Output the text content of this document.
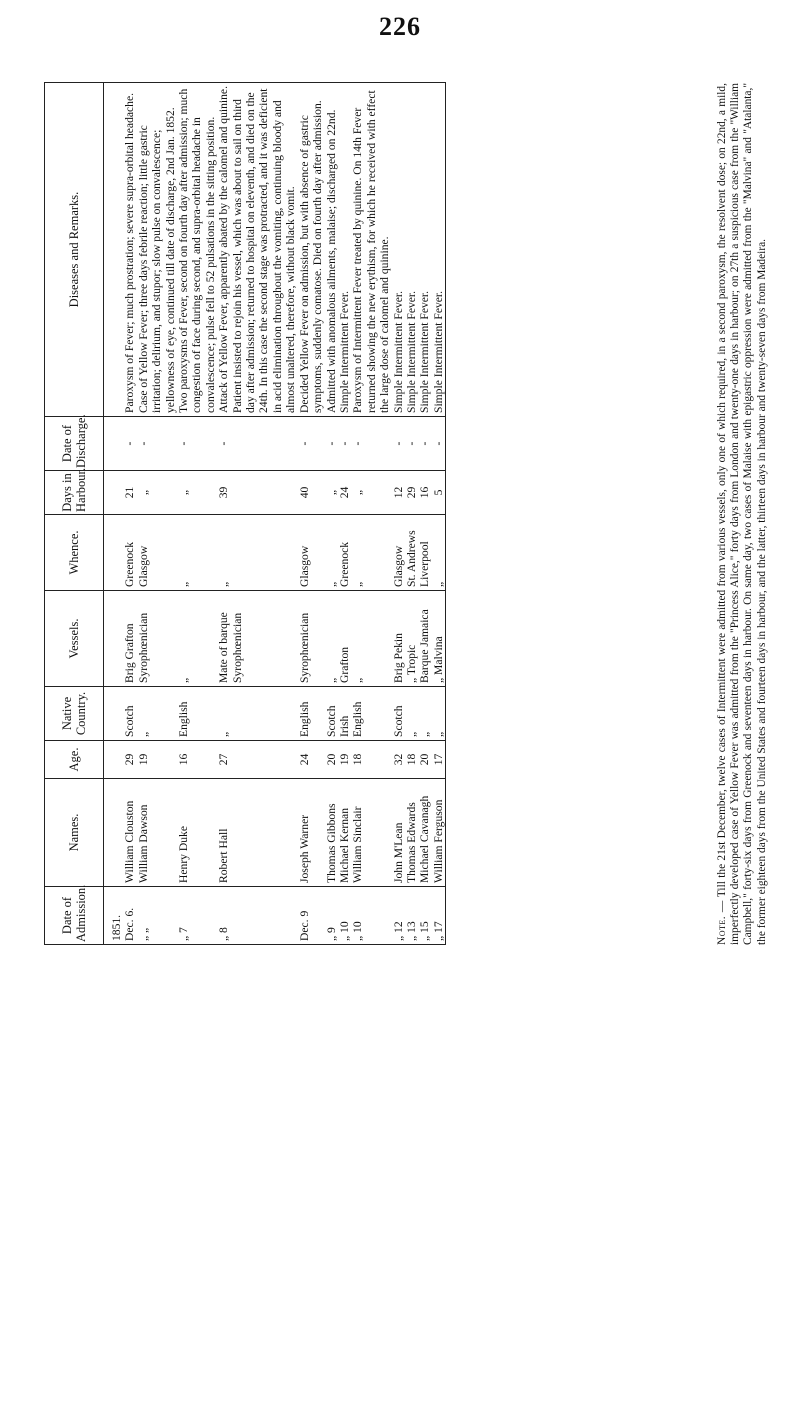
226
Date of Admission.	Names.	Age.	Native Country.	Vessels.	Whence.	Days in Harbour.	Date of Discharge.	Diseases and Remarks.
1851.								
Dec. 6.	William Clouston	29	Scotch	Brig Grafton	Greenock	21	-	Paroxysm of Fever; much prostration; severe supra-orbital headache.
„ „	William Dawson	19	„	Syrophœnician	Glasgow	„	-	Case of Yellow Fever; three days febrile reaction; little gastric irritation; delirium, and stupor; slow pulse on convalescence; yellowness of eye, continued till date of discharge, 2nd Jan. 1852.
„ 7	Henry Duke	16	English	„	„	„	-	Two paroxysms of Fever, second on fourth day after admission; much congestion of face during second, and supra-orbital headache in convalescence; pulse fell to 52 pulsations in the sitting position.
„ 8	Robert Hall	27	„	Mate of barque Syrophœnician	„	39	-	Attack of Yellow Fever, apparently abated by the calomel and quinine. Patient insisted to rejoin his vessel, which was about to sail on third day after admission; returned to hospital on eleventh, and died on the 24th. In this case the second stage was protracted, and it was deficient in acid elimination throughout the vomiting, continuing bloody and almost unaltered, therefore, without black vomit.
Dec. 9	Joseph Warner	24	English	Syrophœnician	Glasgow	40	-	Decided Yellow Fever on admission, but with absence of gastric symptoms, suddenly comatose. Died on fourth day after admission.
„ 9	Thomas Gibbons	20	Scotch	„	„	„	-	Admitted with anomalous ailments, malaise; discharged on 22nd.
„ 10	Michael Kernan	19	Irish	Grafton	Greenock	24	-	Simple Intermittent Fever.
„ 10	William Sinclair	18	English	„	„	„	-	Paroxysm of Intermittent Fever treated by quinine. On 14th Fever returned showing the new erythism, for which he received with effect the large dose of calomel and quinine.
„ 12	John M'Lean	32	Scotch	Brig Pekin	Glasgow	12	-	Simple Intermittent Fever.
„ 13	Thomas Edwards	18	„	„ Tropic	St. Andrews	29	-	Simple Intermittent Fever.
„ 15	Michael Cavanagh	20	„	Barque Jamaica	Liverpool	16	-	Simple Intermittent Fever.
„ 17	William Ferguson	17	„	„ Malvina	„	5	-	Simple Intermittent Fever.
Note. — Till the 21st December, twelve cases of Intermittent were admitted from various vessels, only one of which required, in a second paroxysm, the resolvent dose; on 22nd, a mild, imperfectly developed case of Yellow Fever was admitted from the "Princess Alice," forty days from London and twenty-one days in harbour; on 27th a suspicious case from the "William Campbell," forty-six days from Greenock and seventeen days in harbour. On same day, two cases of Malaise with epigastric oppression were admitted from the "Malvina" and "Atalanta," the former eighteen days from the United States and fourteen days in harbour, and the latter, thirteen days in harbour and twenty-seven days from Madeira.
